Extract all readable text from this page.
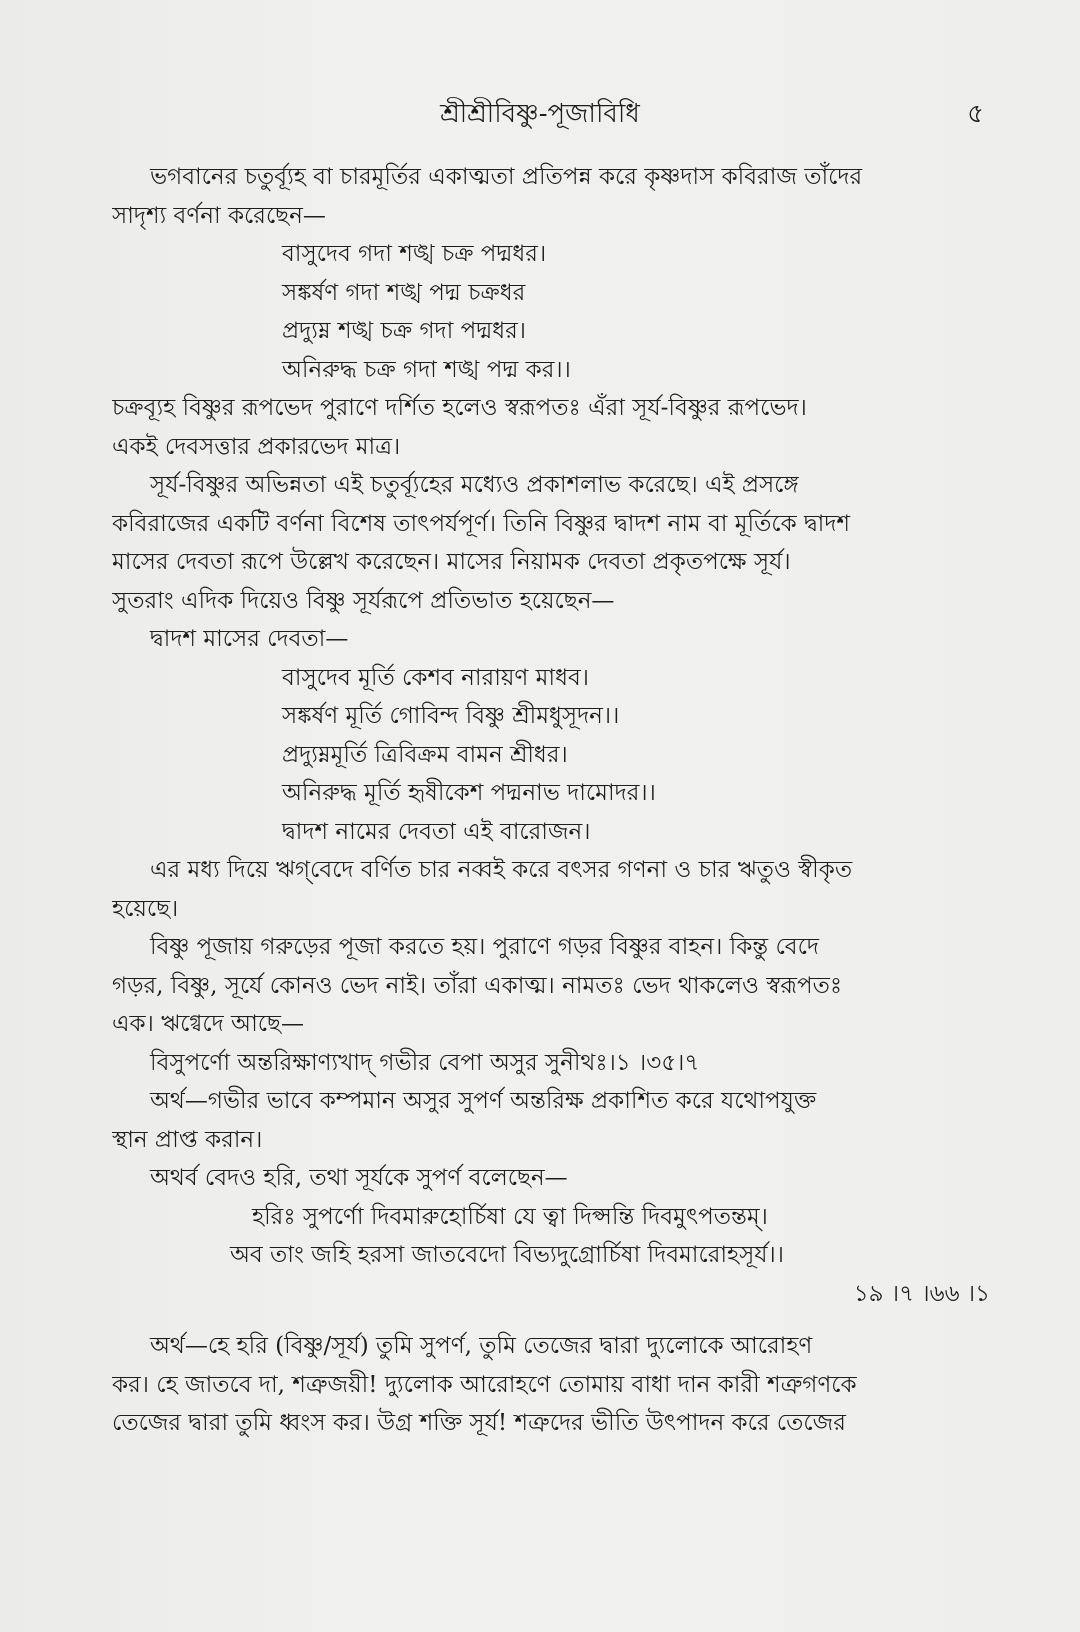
শ্রীশ্রীবিষ্ণু-পূজাবিধি	৫
ভগবানের চতুর্ব্যূহ বা চারমূর্তির একাত্মতা প্রতিপন্ন করে কৃষ্ণদাস কবিরাজ তাঁদের
সাদৃশ্য বর্ণনা করেছেন—
বাসুদেব গদা শঙ্খ চক্র পদ্মধর।
সঙ্কর্ষণ গদা শঙ্খ পদ্ম চক্রধর
প্রদ্যুম্ন শঙ্খ চক্র গদা পদ্মধর।
অনিরুদ্ধ চক্র গদা শঙ্খ পদ্ম কর।।
চক্রব্যূহ বিষ্ণুর রূপভেদ পুরাণে দর্শিত হলেও স্বরূপতঃ এঁরা সূর্য-বিষ্ণুর রূপভেদ।
একই দেবসত্তার প্রকারভেদ মাত্র।
সূর্য-বিষ্ণুর অভিন্নতা এই চতুর্ব্যূহের মধ্যেও প্রকাশলাভ করেছে। এই প্রসঙ্গে
কবিরাজের একটি বর্ণনা বিশেষ তাৎপর্যপূর্ণ। তিনি বিষ্ণুর দ্বাদশ নাম বা মূর্তিকে দ্বাদশ
মাসের দেবতা রূপে উল্লেখ করেছেন। মাসের নিয়ামক দেবতা প্রকৃতপক্ষে সূর্য।
সুতরাং এদিক দিয়েও বিষ্ণু সূর্যরূপে প্রতিভাত হয়েছেন—
দ্বাদশ মাসের দেবতা—
বাসুদেব মূর্তি কেশব নারায়ণ মাধব।
সঙ্কর্ষণ মূর্তি গোবিন্দ বিষ্ণু শ্রীমধুসূদন।।
প্রদ্যুম্নমূর্তি ত্রিবিক্রম বামন শ্রীধর।
অনিরুদ্ধ মূর্তি হৃষীকেশ পদ্মনাভ দামোদর।।
দ্বাদশ নামের দেবতা এই বারোজন।
এর মধ্য দিয়ে ঋগ্‌বেদে বর্ণিত চার নব্বই করে বৎসর গণনা ও চার ঋতুও স্বীকৃত
হয়েছে।
বিষ্ণু পূজায় গরুড়ের পূজা করতে হয়। পুরাণে গড়র বিষ্ণুর বাহন। কিন্তু বেদে
গড়র, বিষ্ণু, সূর্যে কোনও ভেদ নাই। তাঁরা একাত্ম। নামতঃ ভেদ থাকলেও স্বরূপতঃ
এক। ঋগ্বেদে আছে—
বিসুপর্ণো অন্তরিক্ষাণ্যখাদ্ গভীর বেপা অসুর সুনীথঃ।১ ।৩৫।৭
অর্থ—গভীর ভাবে কম্পমান অসুর সুপর্ণ অন্তরিক্ষ প্রকাশিত করে যথোপযুক্ত
স্থান প্রাপ্ত করান।
অথর্ব বেদও হরি, তথা সূর্যকে সুপর্ণ বলেছেন—
হরিঃ সুপর্ণো দিবমারুহোর্চিষা যে ত্বা দিপ্সন্তি দিবমুৎপতন্তম্।
অব তাং জহি হরসা জাতবেদো বিভ্যদুগ্রোর্চিষা দিবমারোহসূর্য।।
১৯ ।৭ ।৬৬ ।১
অর্থ—হে হরি (বিষ্ণু/সূর্য) তুমি সুপর্ণ, তুমি তেজের দ্বারা দ্যুলোকে আরোহণ
কর। হে জাতবে দা, শত্রুজয়ী! দ্যুলোক আরোহণে তোমায় বাধা দান কারী শত্রুগণকে
তেজের দ্বারা তুমি ধ্বংস কর। উগ্র শক্তি সূর্য! শত্রুদের ভীতি উৎপাদন করে তেজের
